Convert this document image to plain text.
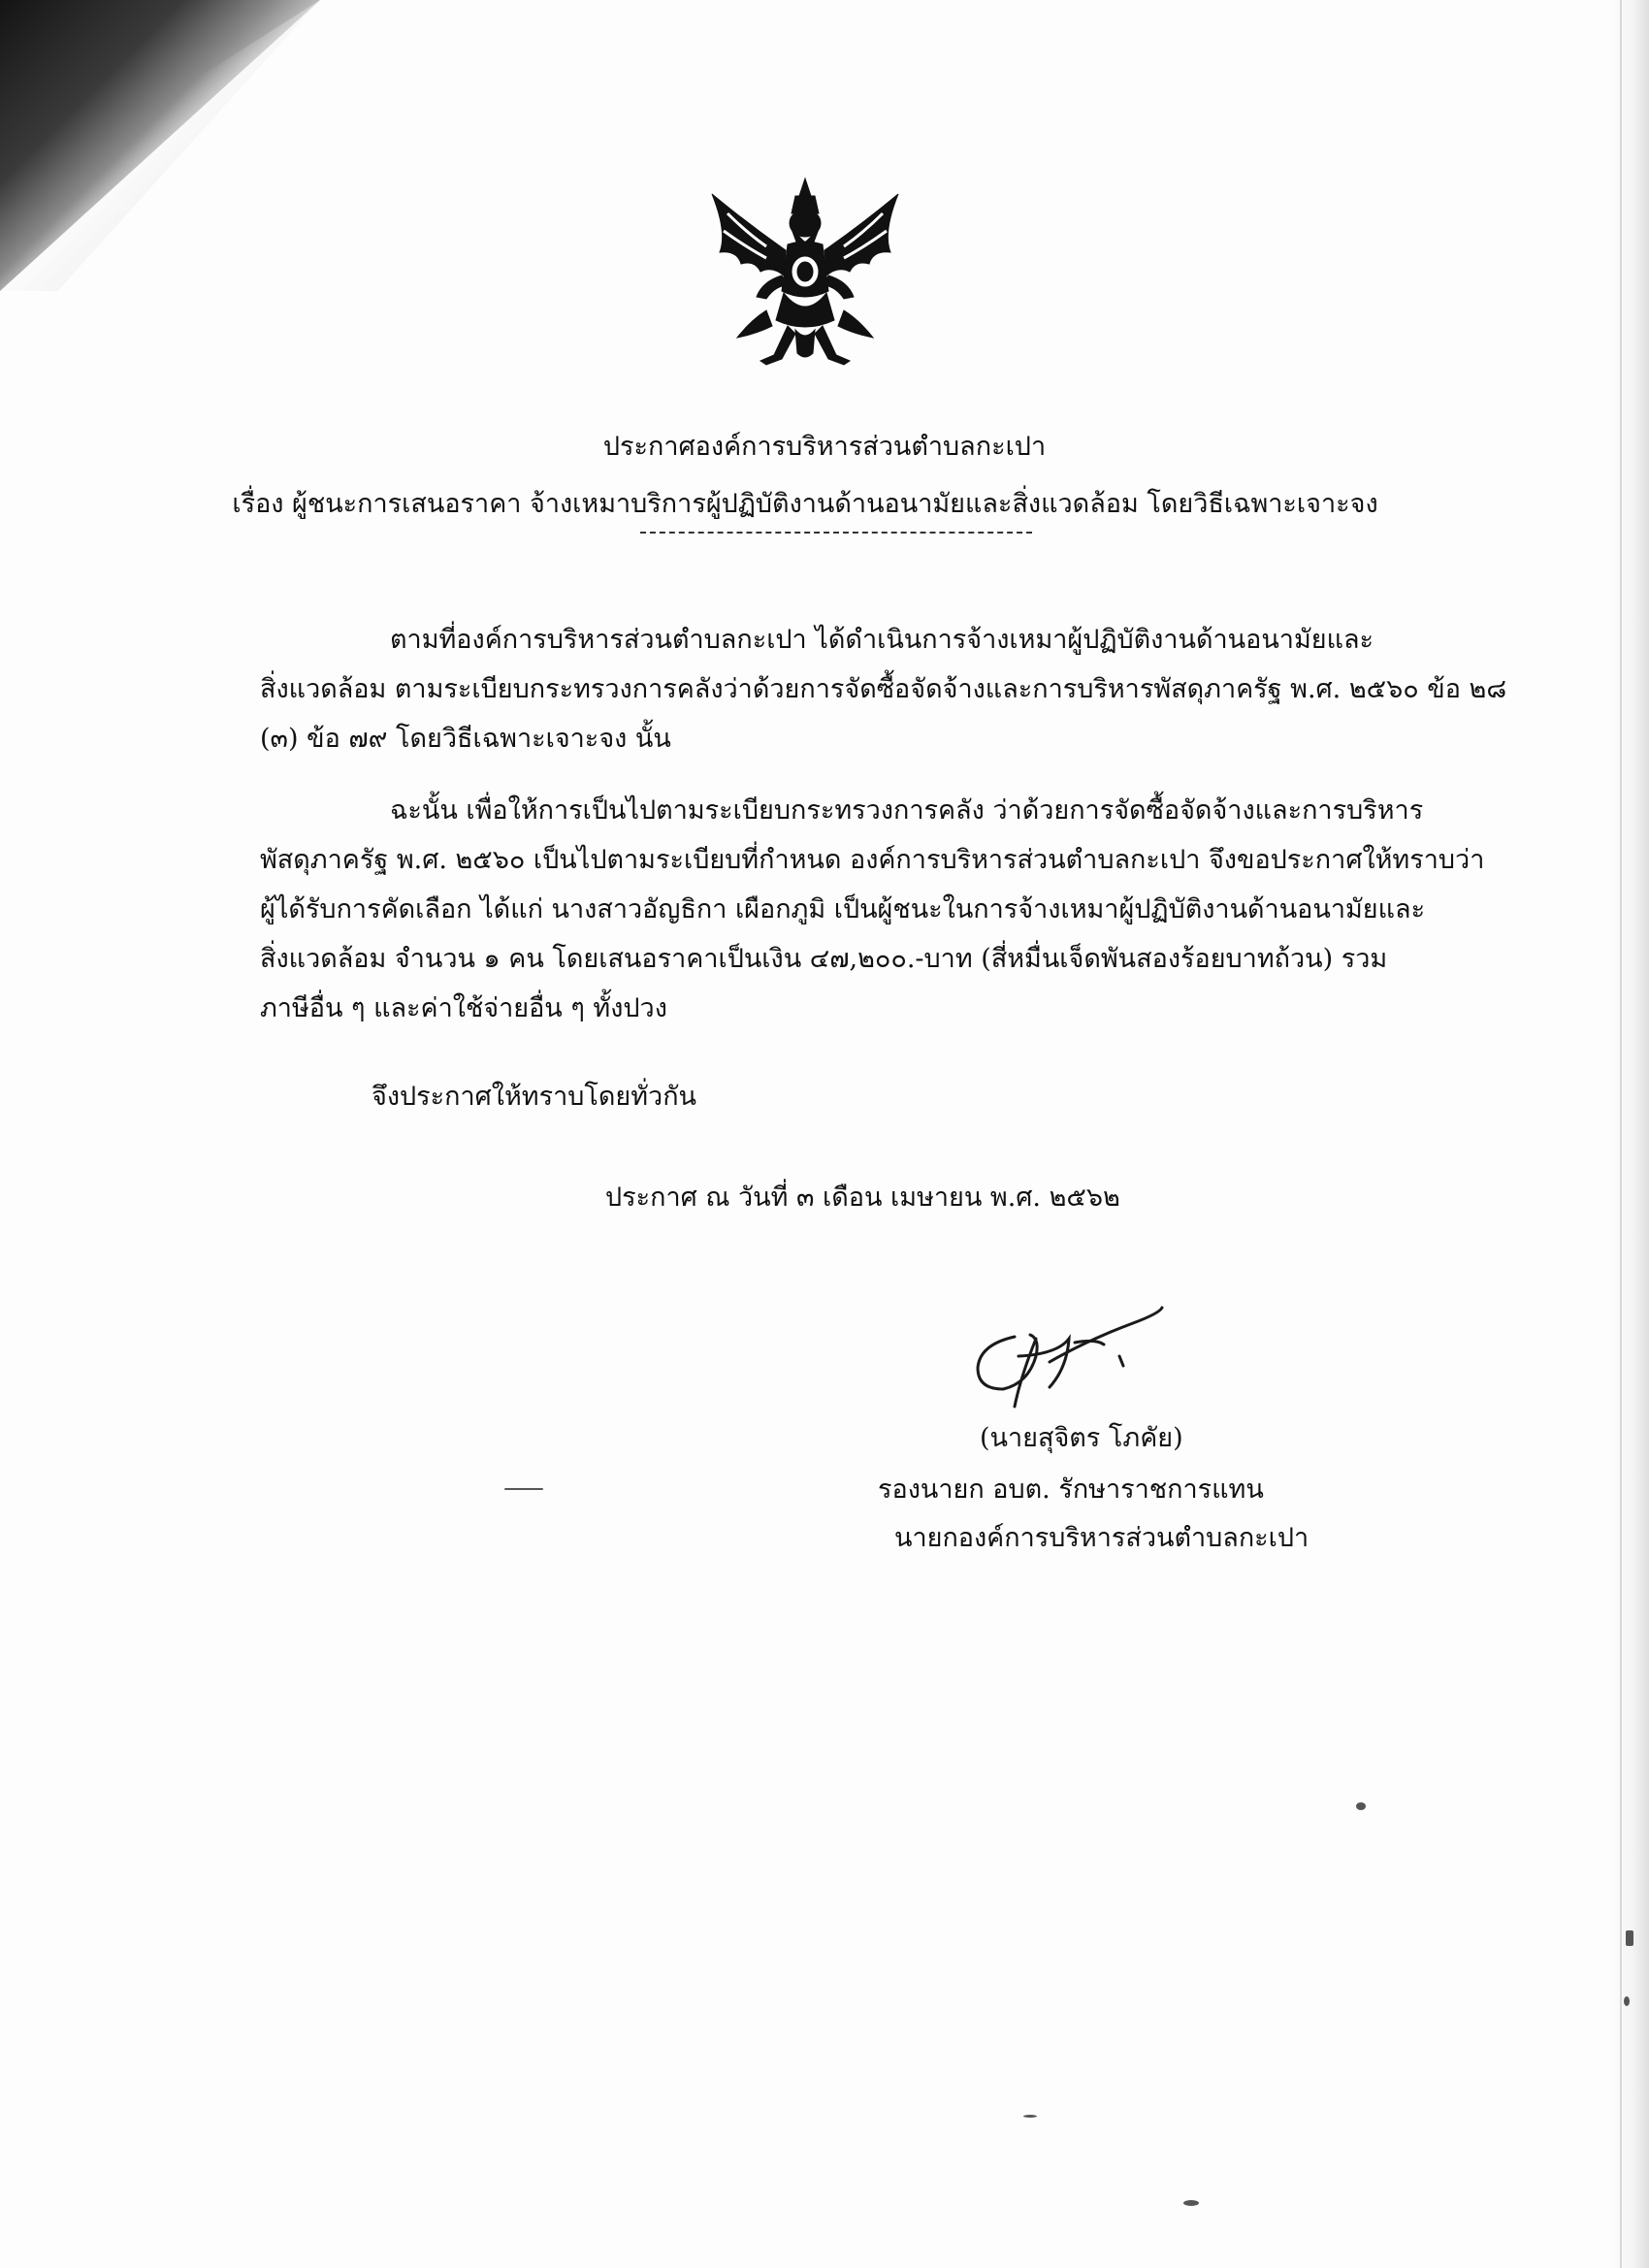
ประกาศองค์การบริหารส่วนตำบลกะเปา
เรื่อง ผู้ชนะการเสนอราคา จ้างเหมาบริการผู้ปฏิบัติงานด้านอนามัยและสิ่งแวดล้อม โดยวิธีเฉพาะเจาะจง
ตามที่องค์การบริหารส่วนตำบลกะเปา ได้ดำเนินการจ้างเหมาผู้ปฏิบัติงานด้านอนามัยและ
สิ่งแวดล้อม ตามระเบียบกระทรวงการคลังว่าด้วยการจัดซื้อจัดจ้างและการบริหารพัสดุภาครัฐ พ.ศ. ๒๕๖๐ ข้อ ๒๘
(๓) ข้อ ๗๙ โดยวิธีเฉพาะเจาะจง นั้น
ฉะนั้น เพื่อให้การเป็นไปตามระเบียบกระทรวงการคลัง ว่าด้วยการจัดซื้อจัดจ้างและการบริหาร
พัสดุภาครัฐ พ.ศ. ๒๕๖๐ เป็นไปตามระเบียบที่กำหนด องค์การบริหารส่วนตำบลกะเปา จึงขอประกาศให้ทราบว่า
ผู้ได้รับการคัดเลือก ได้แก่ นางสาวอัญธิกา เผือกภูมิ เป็นผู้ชนะในการจ้างเหมาผู้ปฏิบัติงานด้านอนามัยและ
สิ่งแวดล้อม จำนวน ๑ คน โดยเสนอราคาเป็นเงิน ๔๗,๒๐๐.-บาท (สี่หมื่นเจ็ดพันสองร้อยบาทถ้วน) รวม
ภาษีอื่น ๆ และค่าใช้จ่ายอื่น ๆ ทั้งปวง
จึงประกาศให้ทราบโดยทั่วกัน
ประกาศ ณ วันที่ ๓ เดือน เมษายน พ.ศ. ๒๕๖๒
(นายสุจิตร โภคัย)
รองนายก อบต. รักษาราชการแทน
นายกองค์การบริหารส่วนตำบลกะเปา
